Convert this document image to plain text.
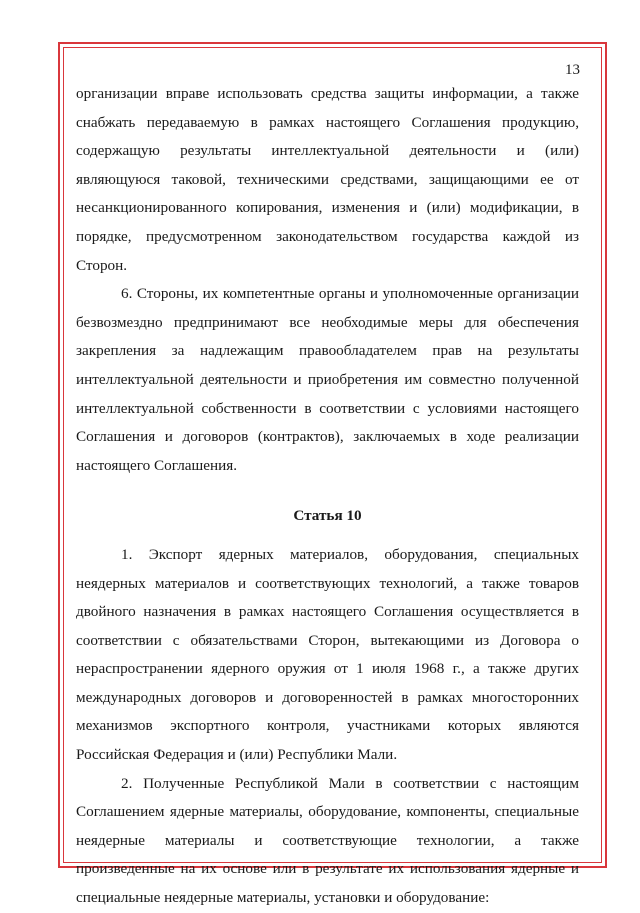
13

организации вправе использовать средства защиты информации, а также снабжать передаваемую в рамках настоящего Соглашения продукцию, содержащую результаты интеллектуальной деятельности и (или) являющуюся таковой, техническими средствами, защищающими ее от несанкционированного копирования, изменения и (или) модификации, в порядке, предусмотренном законодательством государства каждой из Сторон.

6. Стороны, их компетентные органы и уполномоченные организации безвозмездно предпринимают все необходимые меры для обеспечения закрепления за надлежащим правообладателем прав на результаты интеллектуальной деятельности и приобретения им совместно полученной интеллектуальной собственности в соответствии с условиями настоящего Соглашения и договоров (контрактов), заключаемых в ходе реализации настоящего Соглашения.

Статья 10

1. Экспорт ядерных материалов, оборудования, специальных неядерных материалов и соответствующих технологий, а также товаров двойного назначения в рамках настоящего Соглашения осуществляется в соответствии с обязательствами Сторон, вытекающими из Договора о нераспространении ядерного оружия от 1 июля 1968 г., а также других международных договоров и договоренностей в рамках многосторонних механизмов экспортного контроля, участниками которых являются Российская Федерация и (или) Республики Мали.

2. Полученные Республикой Мали в соответствии с настоящим Соглашением ядерные материалы, оборудование, компоненты, специальные неядерные материалы и соответствующие технологии, а также произведенные на их основе или в результате их использования ядерные и специальные неядерные материалы, установки и оборудование:
